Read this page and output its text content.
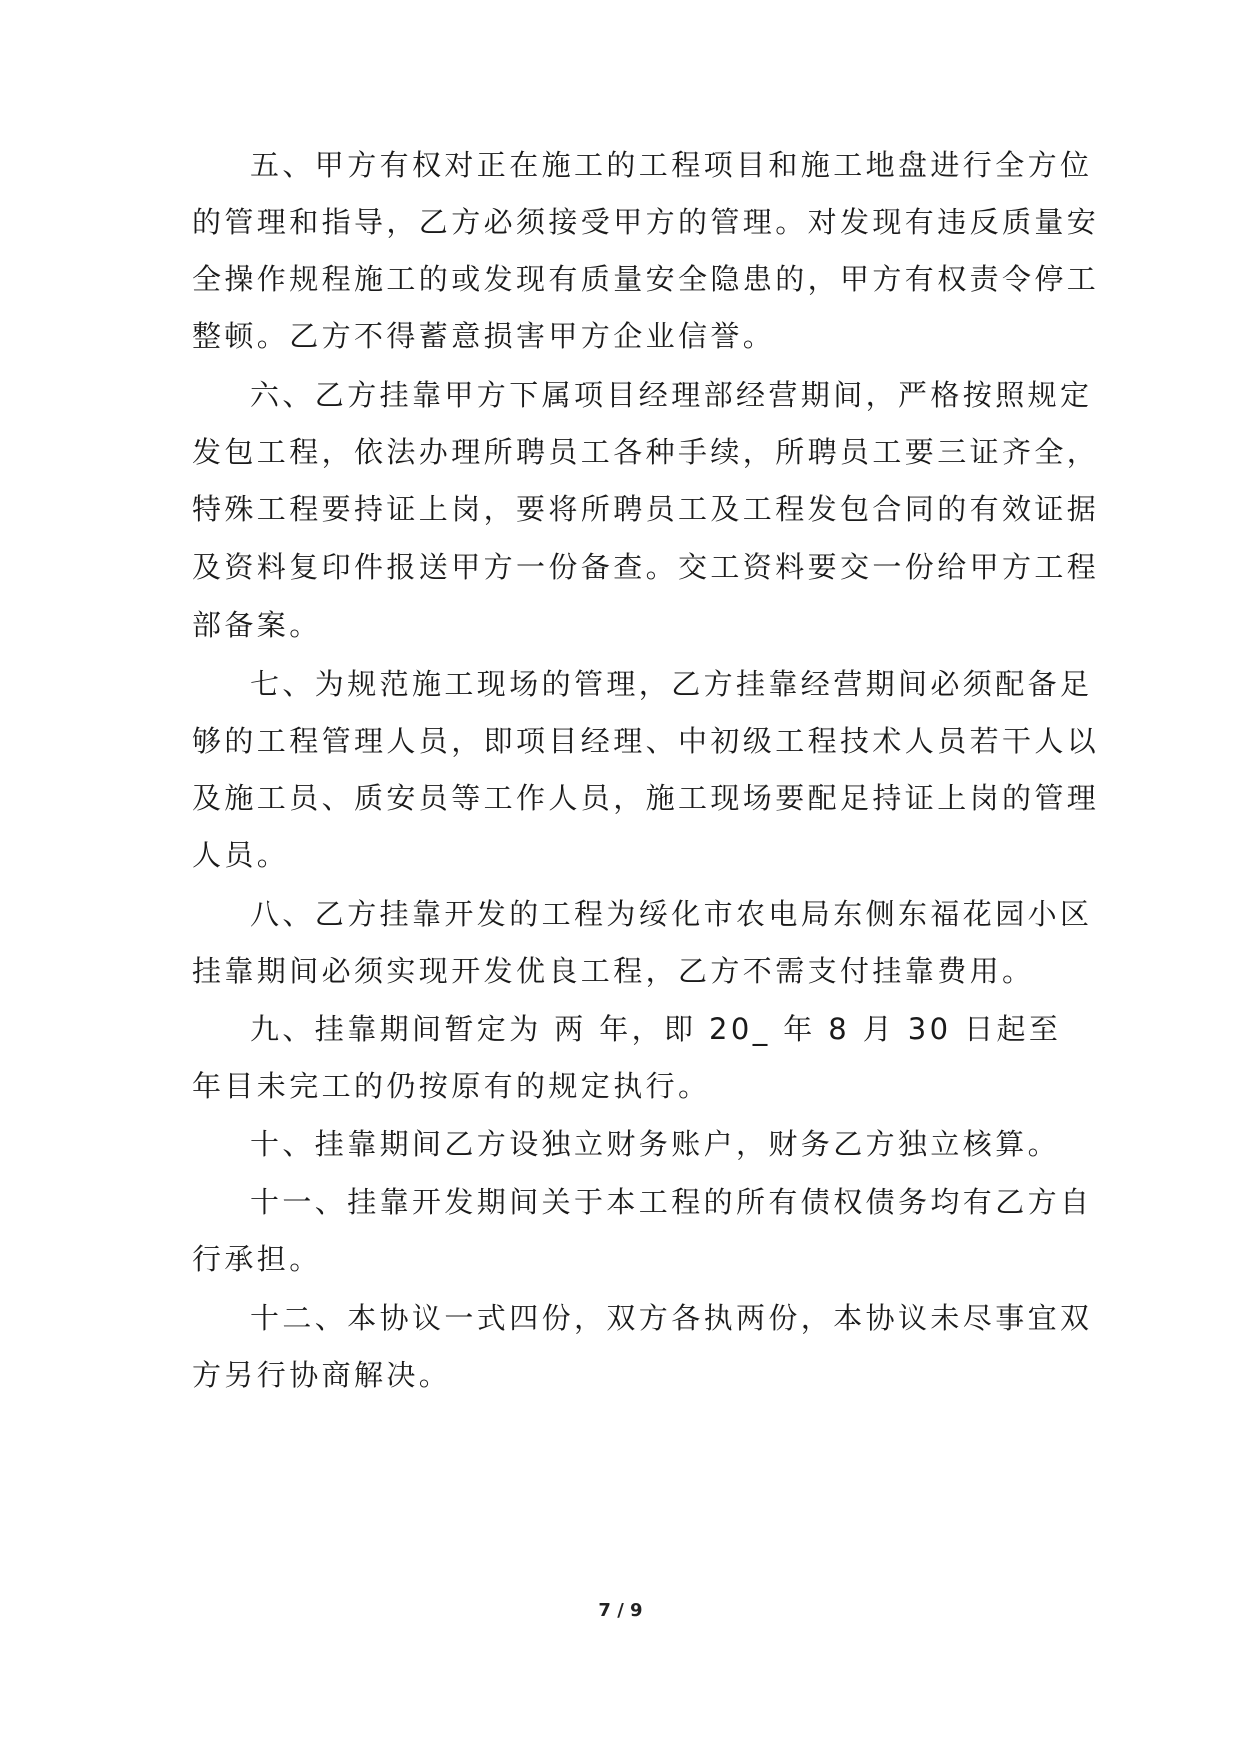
五、甲方有权对正在施工的工程项目和施工地盘进行全方位
的管理和指导，乙方必须接受甲方的管理。对发现有违反质量安
全操作规程施工的或发现有质量安全隐患的，甲方有权责令停工
整顿。乙方不得蓄意损害甲方企业信誉。
六、乙方挂靠甲方下属项目经理部经营期间，严格按照规定
发包工程，依法办理所聘员工各种手续，所聘员工要三证齐全，
特殊工程要持证上岗，要将所聘员工及工程发包合同的有效证据
及资料复印件报送甲方一份备查。交工资料要交一份给甲方工程
部备案。
七、为规范施工现场的管理，乙方挂靠经营期间必须配备足
够的工程管理人员，即项目经理、中初级工程技术人员若干人以
及施工员、质安员等工作人员，施工现场要配足持证上岗的管理
人员。
八、乙方挂靠开发的工程为绥化市农电局东侧东福花园小区
挂靠期间必须实现开发优良工程，乙方不需支付挂靠费用。
九、挂靠期间暂定为 两 年，即 20_ 年 8 月 30 日起至
年目未完工的仍按原有的规定执行。
十、挂靠期间乙方设独立财务账户，财务乙方独立核算。
十一、挂靠开发期间关于本工程的所有债权债务均有乙方自
行承担。
十二、本协议一式四份，双方各执两份，本协议未尽事宜双
方另行协商解决。
7 / 9
